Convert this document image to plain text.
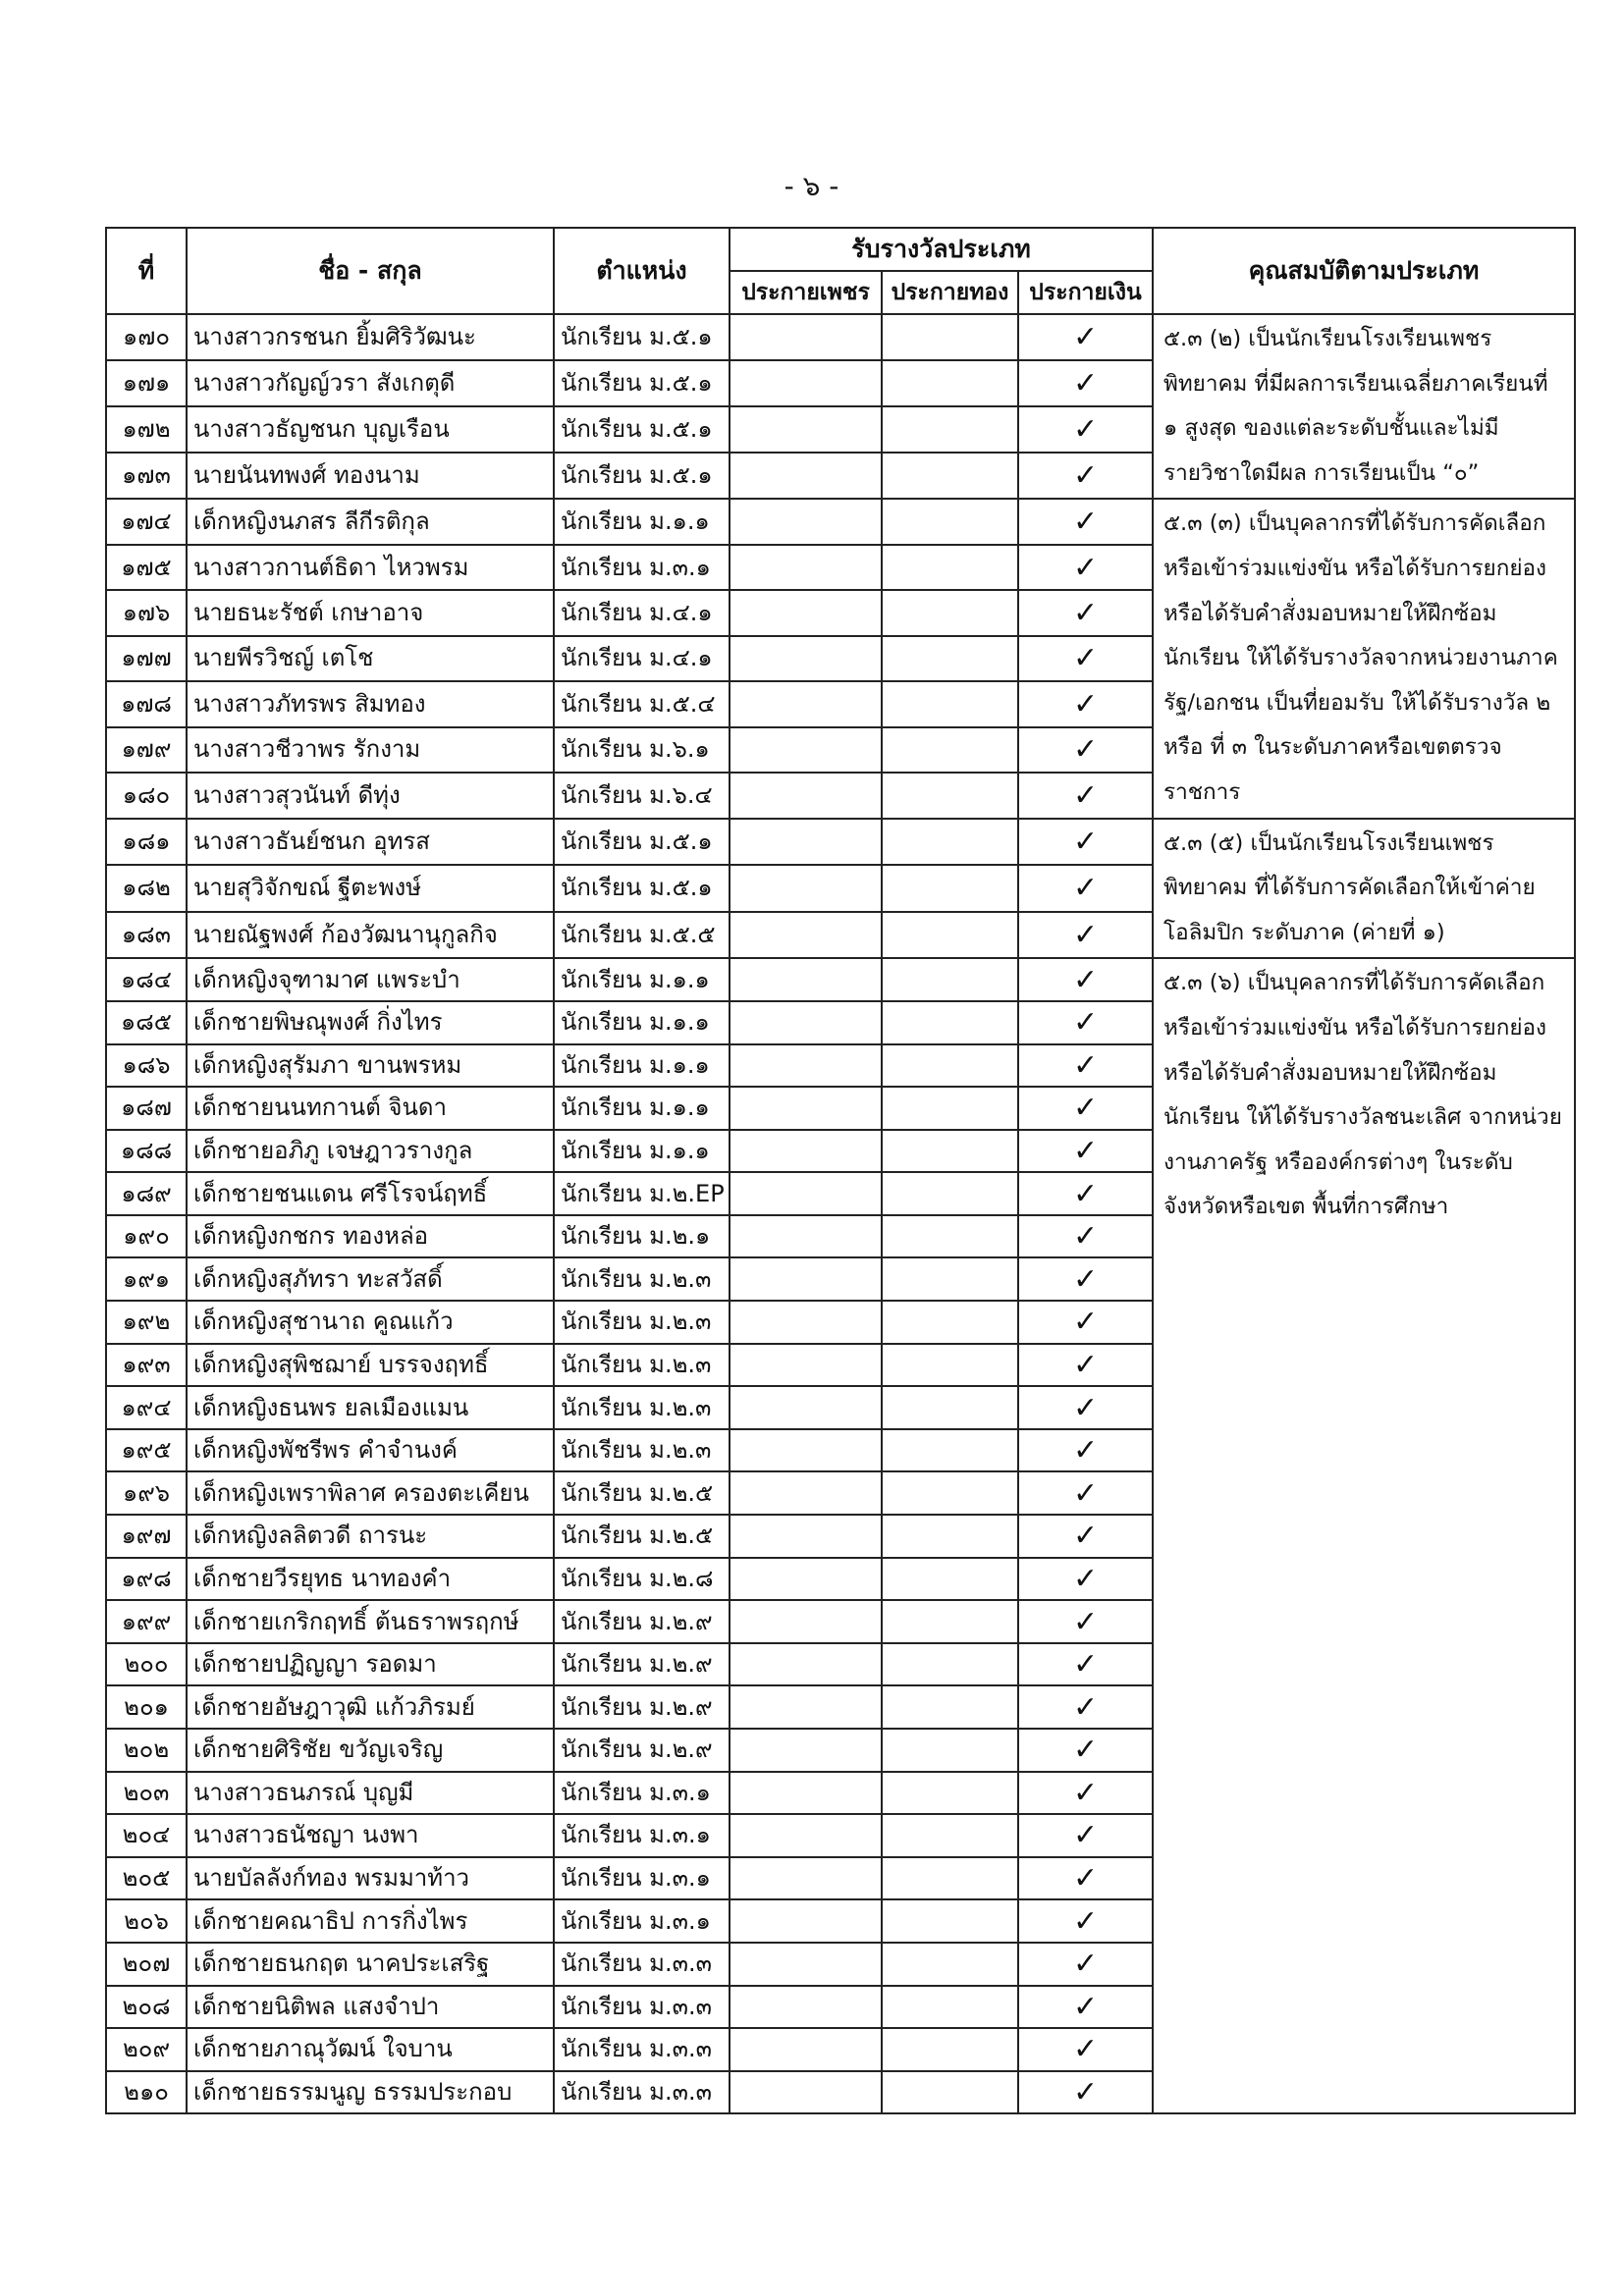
- ๖ -
ที่	ชื่อ - สกุล	ตำแหน่ง	รับรางวัลประเภท			คุณสมบัติตามประเภท
			ประกายเพชร	ประกายทอง	ประกายเงิน	
๑๗๐	นางสาวกรชนก ยิ้มศิริวัฒนะ	นักเรียน ม.๕.๑			✓	๕.๓ (๒) เป็นนักเรียนโรงเรียนเพชรพิทยาคม ที่มีผลการเรียนเฉลี่ยภาคเรียนที่ ๑ สูงสุด ของแต่ละระดับชั้นและไม่มีรายวิชาใดมีผล การเรียนเป็น “๐”
๑๗๑	นางสาวกัญญ์วรา สังเกตุดี	นักเรียน ม.๕.๑			✓	
๑๗๒	นางสาวธัญชนก บุญเรือน	นักเรียน ม.๕.๑			✓	
๑๗๓	นายนันทพงศ์ ทองนาม	นักเรียน ม.๕.๑			✓	
๑๗๔	เด็กหญิงนภสร ลีกีรติกุล	นักเรียน ม.๑.๑			✓	๕.๓ (๓) เป็นบุคลากรที่ได้รับการคัดเลือก หรือเข้าร่วมแข่งขัน หรือได้รับการยกย่อง หรือได้รับคำสั่งมอบหมายให้ฝึกซ้อมนักเรียน ให้ได้รับรางวัลจากหน่วยงานภาครัฐ/เอกชน เป็นที่ยอมรับ ให้ได้รับรางวัล ๒ หรือ ที่ ๓ ในระดับภาคหรือเขตตรวจราชการ
๑๗๕	นางสาวกานต์ธิดา ไหวพรม	นักเรียน ม.๓.๑			✓	
๑๗๖	นายธนะรัชต์ เกษาอาจ	นักเรียน ม.๔.๑			✓	
๑๗๗	นายพีรวิชญ์ เตโช	นักเรียน ม.๔.๑			✓	
๑๗๘	นางสาวภัทรพร สิมทอง	นักเรียน ม.๕.๔			✓	
๑๗๙	นางสาวชีวาพร รักงาม	นักเรียน ม.๖.๑			✓	
๑๘๐	นางสาวสุวนันท์ ดีทุ่ง	นักเรียน ม.๖.๔			✓	
๑๘๑	นางสาวธันย์ชนก อุทรส	นักเรียน ม.๕.๑			✓	๕.๓ (๕) เป็นนักเรียนโรงเรียนเพชรพิทยาคม ที่ได้รับการคัดเลือกให้เข้าค่ายโอลิมปิก ระดับภาค (ค่ายที่ ๑)
๑๘๒	นายสุวิจักขณ์ ฐีตะพงษ์	นักเรียน ม.๕.๑			✓	
๑๘๓	นายณัฐพงศ์ ก้องวัฒนานุกูลกิจ	นักเรียน ม.๕.๕			✓	
๑๘๔	เด็กหญิงจุฑามาศ แพระบำ	นักเรียน ม.๑.๑			✓	๕.๓ (๖) เป็นบุคลากรที่ได้รับการคัดเลือก หรือเข้าร่วมแข่งขัน หรือได้รับการยกย่อง หรือได้รับคำสั่งมอบหมายให้ฝึกซ้อมนักเรียน ให้ได้รับรางวัลชนะเลิศ จากหน่วยงานภาครัฐ หรือองค์กรต่างๆ ในระดับจังหวัดหรือเขต พื้นที่การศึกษา
๑๘๕	เด็กชายพิษณุพงศ์ กิ่งไทร	นักเรียน ม.๑.๑			✓	
๑๘๖	เด็กหญิงสุรัมภา ขานพรหม	นักเรียน ม.๑.๑			✓	
๑๘๗	เด็กชายนนทกานต์ จินดา	นักเรียน ม.๑.๑			✓	
๑๘๘	เด็กชายอภิภู เจษฎาวรางกูล	นักเรียน ม.๑.๑			✓	
๑๘๙	เด็กชายชนแดน ศรีโรจน์ฤทธิ์	นักเรียน ม.๒.EP			✓	
๑๙๐	เด็กหญิงกชกร ทองหล่อ	นักเรียน ม.๒.๑			✓	
๑๙๑	เด็กหญิงสุภัทรา ทะสวัสดิ์	นักเรียน ม.๒.๓			✓	
๑๙๒	เด็กหญิงสุชานาถ คูณแก้ว	นักเรียน ม.๒.๓			✓	
๑๙๓	เด็กหญิงสุพิชฌาย์ บรรจงฤทธิ์	นักเรียน ม.๒.๓			✓	
๑๙๔	เด็กหญิงธนพร ยลเมืองแมน	นักเรียน ม.๒.๓			✓	
๑๙๕	เด็กหญิงพัชรีพร คำจำนงค์	นักเรียน ม.๒.๓			✓	
๑๙๖	เด็กหญิงเพราพิลาศ ครองตะเคียน	นักเรียน ม.๒.๕			✓	
๑๙๗	เด็กหญิงลลิตวดี ถารนะ	นักเรียน ม.๒.๕			✓	
๑๙๘	เด็กชายวีรยุทธ นาทองคำ	นักเรียน ม.๒.๘			✓	
๑๙๙	เด็กชายเกริกฤทธิ์ ต้นธราพรฤกษ์	นักเรียน ม.๒.๙			✓	
๒๐๐	เด็กชายปฏิญญา รอดมา	นักเรียน ม.๒.๙			✓	
๒๐๑	เด็กชายอัษฎาวุฒิ แก้วภิรมย์	นักเรียน ม.๒.๙			✓	
๒๐๒	เด็กชายศิริชัย ขวัญเจริญ	นักเรียน ม.๒.๙			✓	
๒๐๓	นางสาวธนภรณ์ บุญมี	นักเรียน ม.๓.๑			✓	
๒๐๔	นางสาวธนัชญา นงพา	นักเรียน ม.๓.๑			✓	
๒๐๕	นายบัลลังก์ทอง พรมมาท้าว	นักเรียน ม.๓.๑			✓	
๒๐๖	เด็กชายคณาธิป การกิ่งไพร	นักเรียน ม.๓.๑			✓	
๒๐๗	เด็กชายธนกฤต นาคประเสริฐ	นักเรียน ม.๓.๓			✓	
๒๐๘	เด็กชายนิติพล แสงจำปา	นักเรียน ม.๓.๓			✓	
๒๐๙	เด็กชายภาณุวัฒน์ ใจบาน	นักเรียน ม.๓.๓			✓	
๒๑๐	เด็กชายธรรมนูญ ธรรมประกอบ	นักเรียน ม.๓.๓			✓	
